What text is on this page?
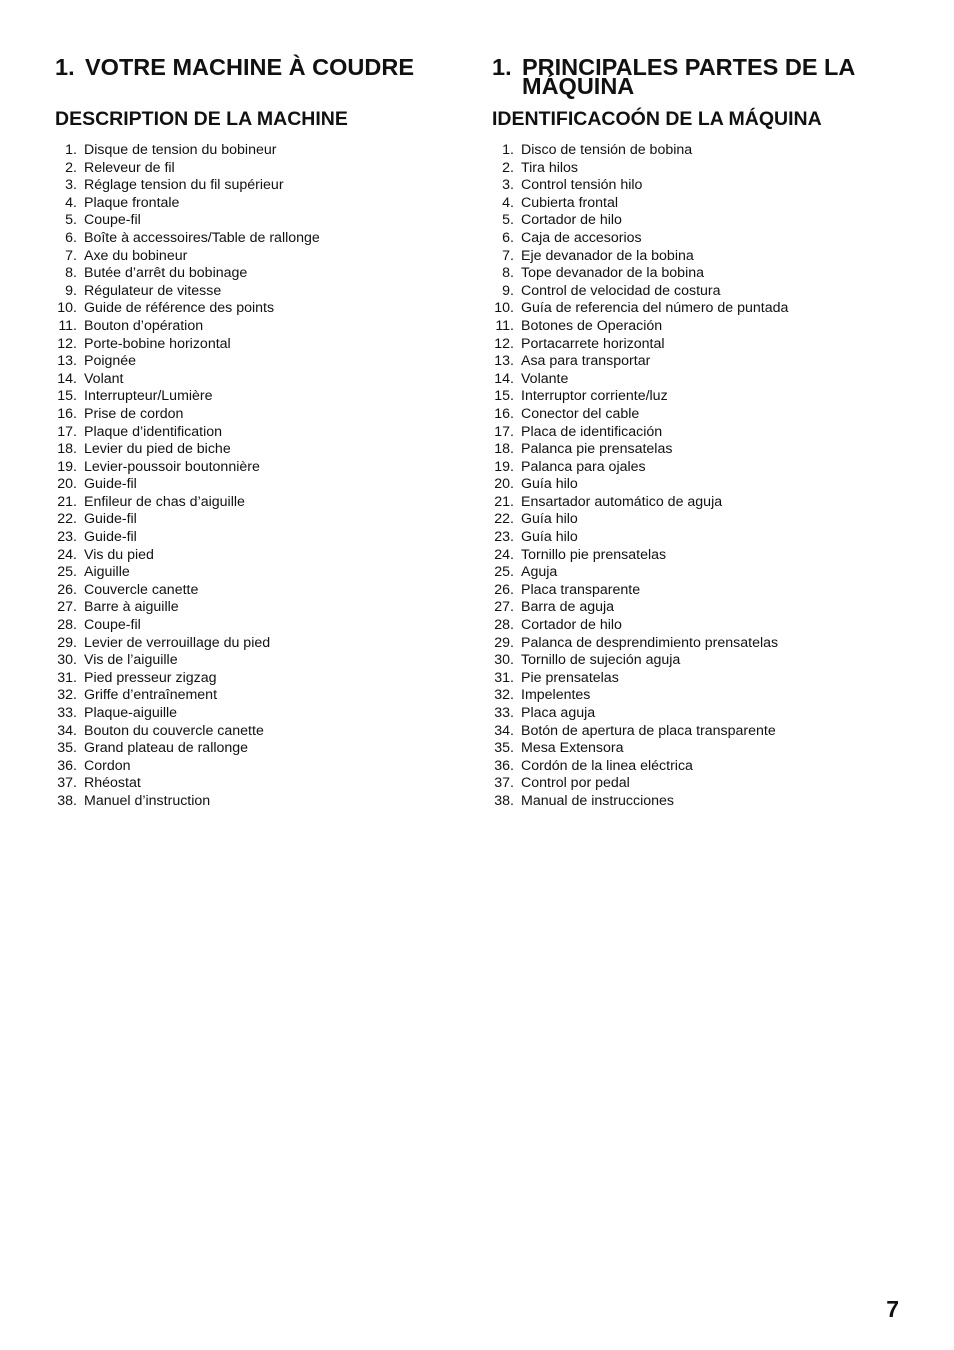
1. VOTRE MACHINE À COUDRE
DESCRIPTION DE LA MACHINE
1. Disque de tension du bobineur
2. Releveur de fil
3. Réglage tension du fil supérieur
4. Plaque frontale
5. Coupe-fil
6. Boîte à accessoires/Table de rallonge
7. Axe du bobineur
8. Butée d’arrêt du bobinage
9. Régulateur de vitesse
10. Guide de référence des points
11. Bouton d’opération
12. Porte-bobine horizontal
13. Poignée
14. Volant
15. Interrupteur/Lumière
16. Prise de cordon
17. Plaque d’identification
18. Levier du pied de biche
19. Levier-poussoir boutonnière
20. Guide-fil
21. Enfileur de chas d’aiguille
22. Guide-fil
23. Guide-fil
24. Vis du pied
25. Aiguille
26. Couvercle canette
27. Barre à aiguille
28. Coupe-fil
29. Levier de verrouillage du pied
30. Vis de l’aiguille
31. Pied presseur zigzag
32. Griffe d’entraînement
33. Plaque-aiguille
34. Bouton du couvercle canette
35. Grand plateau de rallonge
36. Cordon
37. Rhéostat
38. Manuel d’instruction
1. PRINCIPALES PARTES DE LA MÁQUINA
IDENTIFICACOÓN DE LA MÁQUINA
1. Disco de tensión de bobina
2. Tira hilos
3. Control tensión hilo
4. Cubierta frontal
5. Cortador de hilo
6. Caja de accesorios
7. Eje devanador de la bobina
8. Tope devanador de la bobina
9. Control de velocidad de costura
10. Guía de referencia del número de puntada
11. Botones de Operación
12. Portacarrete horizontal
13. Asa para transportar
14. Volante
15. Interruptor corriente/luz
16. Conector del cable
17. Placa de identificación
18. Palanca pie prensatelas
19. Palanca para ojales
20. Guía hilo
21. Ensartador automático de aguja
22. Guía hilo
23. Guía hilo
24. Tornillo pie prensatelas
25. Aguja
26. Placa transparente
27. Barra de aguja
28. Cortador de hilo
29. Palanca de desprendimiento prensatelas
30. Tornillo de sujeción aguja
31. Pie prensatelas
32. Impelentes
33. Placa aguja
34. Botón de apertura de placa transparente
35. Mesa Extensora
36. Cordón de la linea eléctrica
37. Control por pedal
38. Manual de instrucciones
7
